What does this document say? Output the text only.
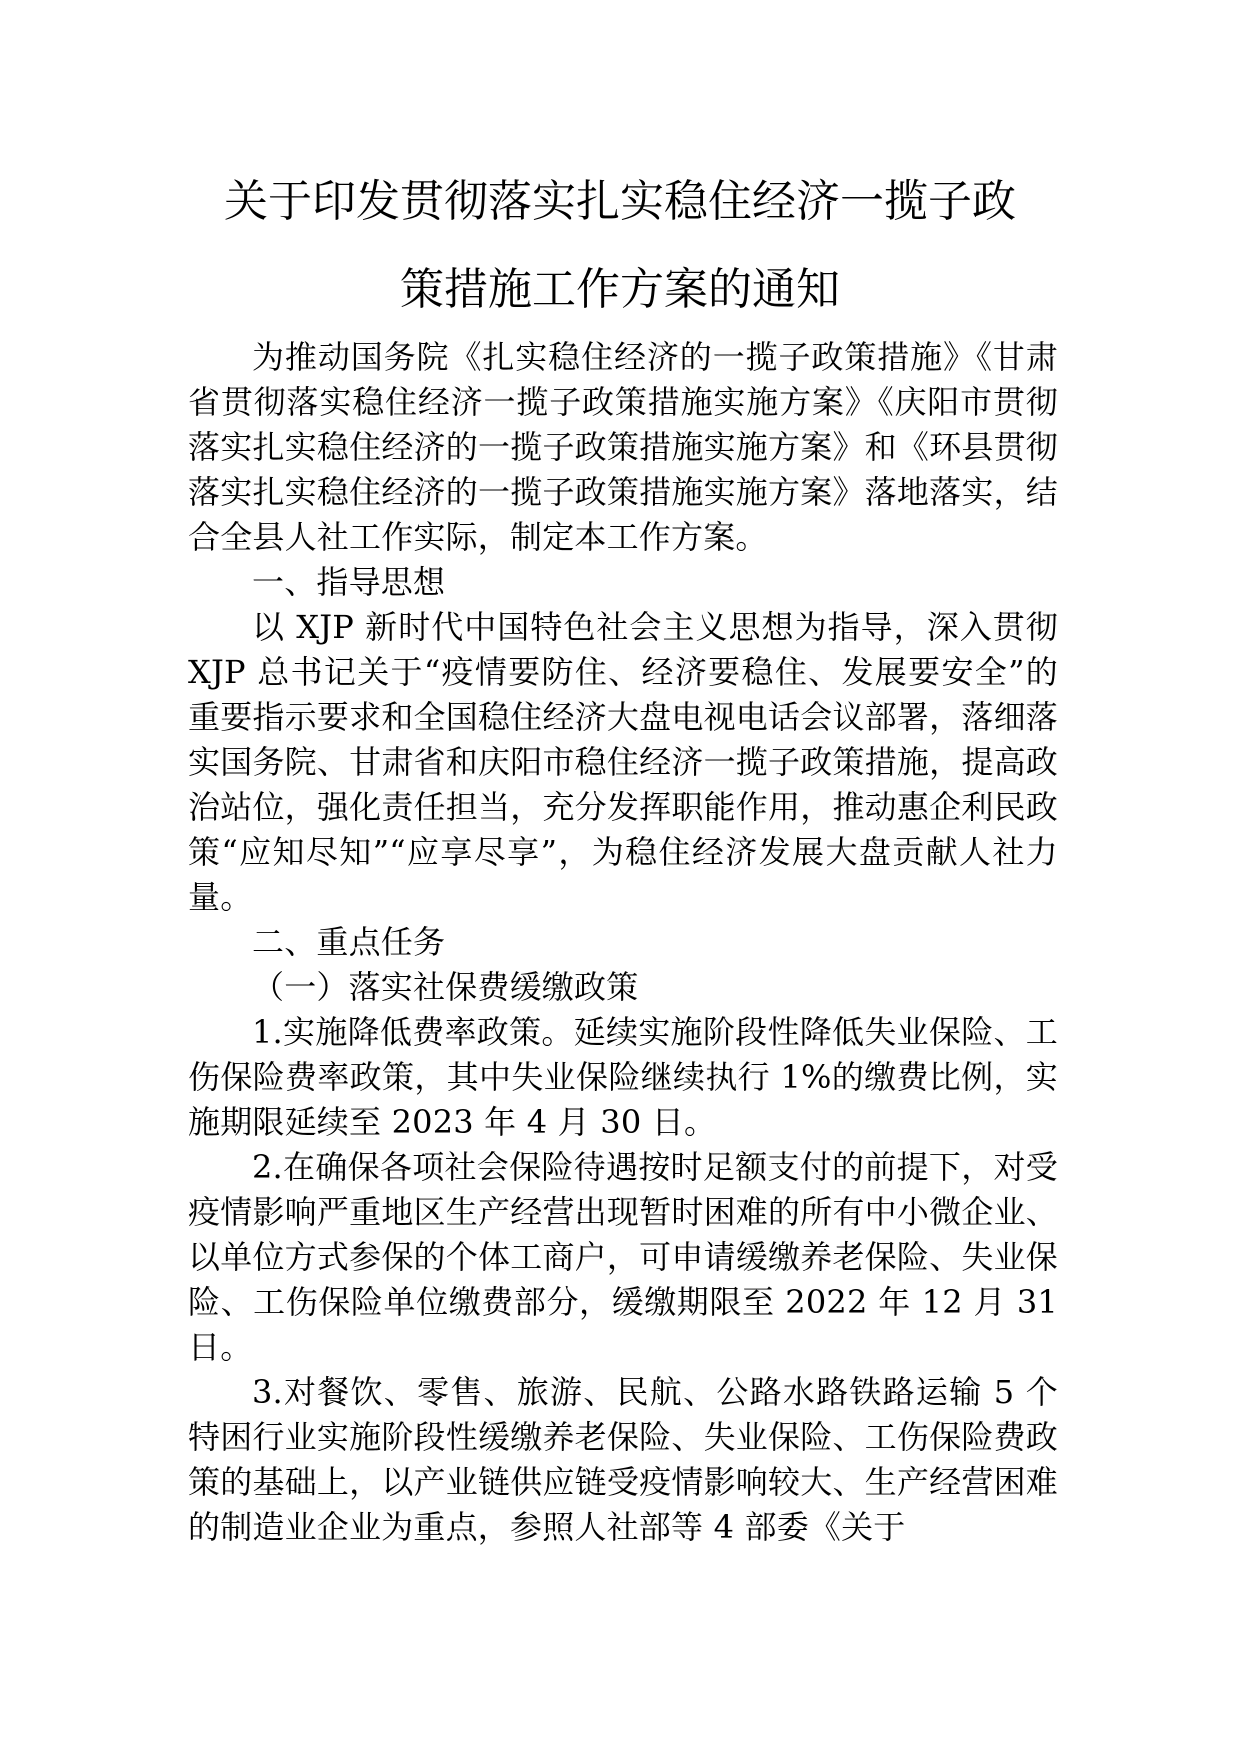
关于印发贯彻落实扎实稳住经济一揽子政
策措施工作方案的通知

为推动国务院《扎实稳住经济的一揽子政策措施》《甘肃省贯彻落实稳住经济一揽子政策措施实施方案》《庆阳市贯彻落实扎实稳住经济的一揽子政策措施实施方案》和《环县贯彻落实扎实稳住经济的一揽子政策措施实施方案》落地落实，结合全县人社工作实际，制定本工作方案。

一、指导思想

以 XJP 新时代中国特色社会主义思想为指导，深入贯彻 XJP 总书记关于“疫情要防住、经济要稳住、发展要安全”的重要指示要求和全国稳住经济大盘电视电话会议部署，落细落实国务院、甘肃省和庆阳市稳住经济一揽子政策措施，提高政治站位，强化责任担当，充分发挥职能作用，推动惠企利民政策“应知尽知”“应享尽享”，为稳住经济发展大盘贡献人社力量。

二、重点任务

（一）落实社保费缓缴政策

1.实施降低费率政策。延续实施阶段性降低失业保险、工伤保险费率政策，其中失业保险继续执行 1%的缴费比例，实施期限延续至 2023 年 4 月 30 日。

2.在确保各项社会保险待遇按时足额支付的前提下，对受疫情影响严重地区生产经营出现暂时困难的所有中小微企业、以单位方式参保的个体工商户，可申请缓缴养老保险、失业保险、工伤保险单位缴费部分，缓缴期限至 2022 年 12 月 31 日。

3.对餐饮、零售、旅游、民航、公路水路铁路运输 5 个特困行业实施阶段性缓缴养老保险、失业保险、工伤保险费政策的基础上，以产业链供应链受疫情影响较大、生产经营困难的制造业企业为重点，参照人社部等 4 部委《关于
